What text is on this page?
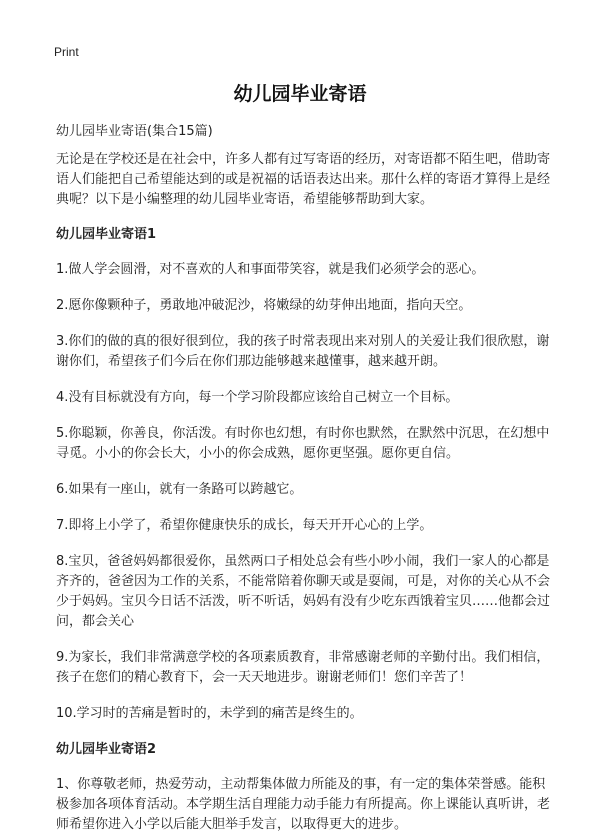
Print
幼儿园毕业寄语

幼儿园毕业寄语(集合15篇)

无论是在学校还是在社会中，许多人都有过写寄语的经历，对寄语都不陌生吧，借助寄语人们能把自己希望能达到的或是祝福的话语表达出来。那什么样的寄语才算得上是经典呢？以下是小编整理的幼儿园毕业寄语，希望能够帮助到大家。

幼儿园毕业寄语1

1.做人学会圆滑，对不喜欢的人和事面带笑容，就是我们必须学会的恶心。

2.愿你像颗种子，勇敢地冲破泥沙，将嫩绿的幼芽伸出地面，指向天空。

3.你们的做的真的很好很到位，我的孩子时常表现出来对别人的关爱让我们很欣慰，谢谢你们，希望孩子们今后在你们那边能够越来越懂事，越来越开朗。

4.没有目标就没有方向，每一个学习阶段都应该给自己树立一个目标。

5.你聪颖，你善良，你活泼。有时你也幻想，有时你也默然，在默然中沉思，在幻想中寻觅。小小的你会长大，小小的你会成熟，愿你更坚强。愿你更自信。

6.如果有一座山，就有一条路可以跨越它。

7.即将上小学了，希望你健康快乐的成长，每天开开心心的上学。

8.宝贝，爸爸妈妈都很爱你，虽然两口子相处总会有些小吵小闹，我们一家人的心都是齐齐的，爸爸因为工作的关系，不能常陪着你聊天或是耍闹，可是，对你的关心从不会少于妈妈。宝贝今日话不活泼，听不听话，妈妈有没有少吃东西饿着宝贝……他都会过问，都会关心

9.为家长，我们非常满意学校的各项素质教育，非常感谢老师的辛勤付出。我们相信，孩子在您们的精心教育下，会一天天地进步。谢谢老师们！您们辛苦了！

10.学习时的苦痛是暂时的，未学到的痛苦是终生的。

幼儿园毕业寄语2

1、你尊敬老师，热爱劳动，主动帮集体做力所能及的事，有一定的集体荣誉感。能积极参加各项体育活动。本学期生活自理能力动手能力有所提高。你上课能认真听讲，老师希望你进入小学以后能大胆举手发言，以取得更大的进步。
